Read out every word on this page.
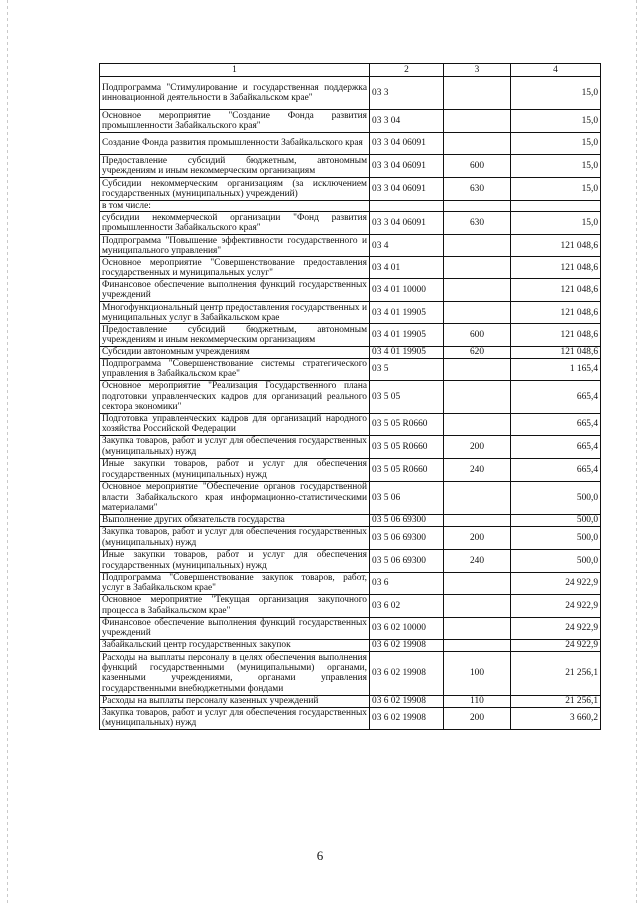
1	2	3	4
Подпрограмма "Стимулирование и государственная поддержка инновационной деятельности в Забайкальском крае"	03 3		15,0
Основное мероприятие "Создание Фонда развития промышленности Забайкальского края"	03 3 04		15,0
Создание Фонда развития промышленности Забайкальского края	03 3 04 06091		15,0
Предоставление субсидий бюджетным, автономным учреждениям и иным некоммерческим организациям	03 3 04 06091	600	15,0
Субсидии некоммерческим организациям (за исключением государственных (муниципальных) учреждений)	03 3 04 06091	630	15,0
в том числе:			
субсидии некоммерческой организации "Фонд развития промышленности Забайкальского края"	03 3 04 06091	630	15,0
Подпрограмма "Повышение эффективности государственного и муниципального управления"	03 4		121 048,6
Основное мероприятие "Совершенствование предоставления государственных и муниципальных услуг"	03 4 01		121 048,6
Финансовое обеспечение выполнения функций государственных учреждений	03 4 01 10000		121 048,6
Многофункциональный центр предоставления государственных и муниципальных услуг в Забайкальском крае	03 4 01 19905		121 048,6
Предоставление субсидий бюджетным, автономным учреждениям и иным некоммерческим организациям	03 4 01 19905	600	121 048,6
Субсидии автономным учреждениям	03 4 01 19905	620	121 048,6
Подпрограмма "Совершенствование системы стратегического управления в Забайкальском крае"	03 5		1 165,4
Основное мероприятие "Реализация Государственного плана подготовки управленческих кадров для организаций реального сектора экономики"	03 5 05		665,4
Подготовка управленческих кадров для организаций народного хозяйства Российской Федерации	03 5 05 R0660		665,4
Закупка товаров, работ и услуг для обеспечения государственных (муниципальных) нужд	03 5 05 R0660	200	665,4
Иные закупки товаров, работ и услуг для обеспечения государственных (муниципальных) нужд	03 5 05 R0660	240	665,4
Основное мероприятие "Обеспечение органов государственной власти Забайкальского края информационно-статистическими материалами"	03 5 06		500,0
Выполнение других обязательств государства	03 5 06 69300		500,0
Закупка товаров, работ и услуг для обеспечения государственных (муниципальных) нужд	03 5 06 69300	200	500,0
Иные закупки товаров, работ и услуг для обеспечения государственных (муниципальных) нужд	03 5 06 69300	240	500,0
Подпрограмма "Совершенствование закупок товаров, работ, услуг в Забайкальском крае"	03 6		24 922,9
Основное мероприятие "Текущая организация закупочного процесса в Забайкальском крае"	03 6 02		24 922,9
Финансовое обеспечение выполнения функций государственных учреждений	03 6 02 10000		24 922,9
Забайкальский центр государственных закупок	03 6 02 19908		24 922,9
Расходы на выплаты персоналу в целях обеспечения выполнения функций государственными (муниципальными) органами, казенными учреждениями, органами управления государственными внебюджетными фондами	03 6 02 19908	100	21 256,1
Расходы на выплаты персоналу казенных учреждений	03 6 02 19908	110	21 256,1
Закупка товаров, работ и услуг для обеспечения государственных (муниципальных) нужд	03 6 02 19908	200	3 660,2
6
